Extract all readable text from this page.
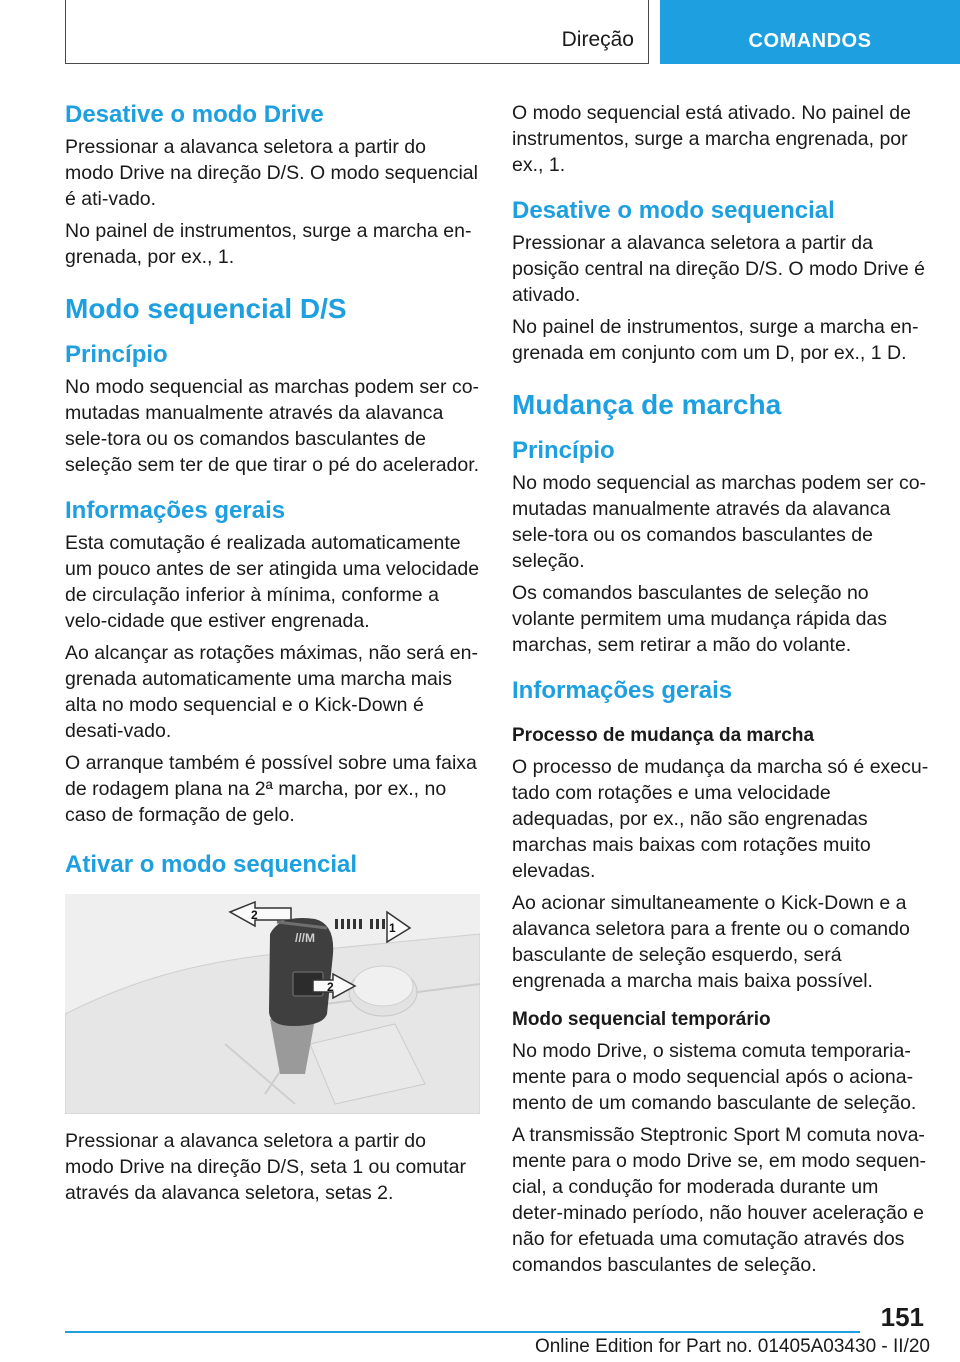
Direção	COMANDOS
Desative o modo Drive

Pressionar a alavanca seletora a partir do modo Drive na direção D/S. O modo sequencial é ati‐vado.

No painel de instrumentos, surge a marcha en‐grenada, por ex., 1.

Modo sequencial D/S
Princípio

No modo sequencial as marchas podem ser co‐mutadas manualmente através da alavanca sele‐tora ou os comandos basculantes de seleção sem ter de que tirar o pé do acelerador.

Informações gerais

Esta comutação é realizada automaticamente um pouco antes de ser atingida uma velocidade de circulação inferior à mínima, conforme a velo‐cidade que estiver engrenada.

Ao alcançar as rotações máximas, não será en‐grenada automaticamente uma marcha mais alta no modo sequencial e o Kick-Down é desati‐vado.

O arranque também é possível sobre uma faixa de rodagem plana na 2ª marcha, por ex., no caso de formação de gelo.

Ativar o modo sequencial
///M
2
1
2

Pressionar a alavanca seletora a partir do modo Drive na direção D/S, seta 1 ou comutar através da alavanca seletora, setas 2.

O modo sequencial está ativado. No painel de instrumentos, surge a marcha engrenada, por ex., 1.

Desative o modo sequencial

Pressionar a alavanca seletora a partir da posição central na direção D/S. O modo Drive é ativado.

No painel de instrumentos, surge a marcha en‐grenada em conjunto com um D, por ex., 1 D.

Mudança de marcha
Princípio

No modo sequencial as marchas podem ser co‐mutadas manualmente através da alavanca sele‐tora ou os comandos basculantes de seleção.

Os comandos basculantes de seleção no volante permitem uma mudança rápida das marchas, sem retirar a mão do volante.

Informações gerais
Processo de mudança da marcha

O processo de mudança da marcha só é execu‐tado com rotações e uma velocidade adequadas, por ex., não são engrenadas marchas mais baixas com rotações muito elevadas.

Ao acionar simultaneamente o Kick-Down e a alavanca seletora para a frente ou o comando basculante de seleção esquerdo, será engrenada a marcha mais baixa possível.

Modo sequencial temporário

No modo Drive, o sistema comuta temporaria‐mente para o modo sequencial após o aciona‐mento de um comando basculante de seleção.

A transmissão Steptronic Sport M comuta nova‐mente para o modo Drive se, em modo sequen‐cial, a condução for moderada durante um deter‐minado período, não houver aceleração e não for efetuada uma comutação através dos comandos basculantes de seleção.

151
Online Edition for Part no. 01405A03430 - II/20
